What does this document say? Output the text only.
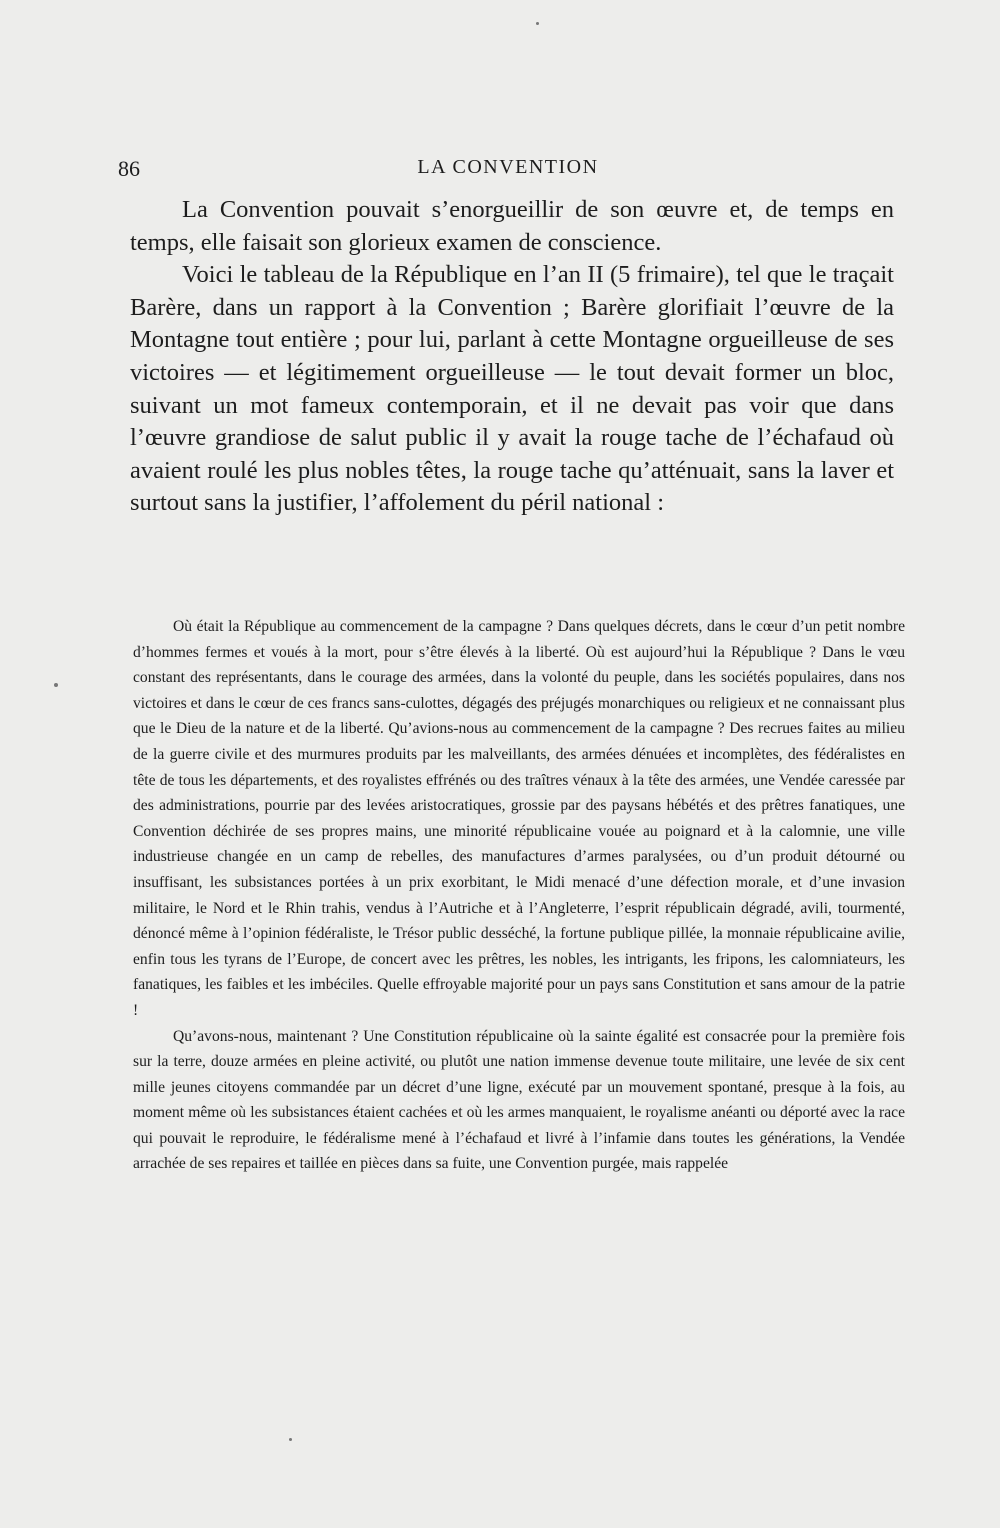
86	LA CONVENTION

La Convention pouvait s’enorgueillir de son œuvre et, de temps en temps, elle faisait son glorieux examen de conscience.

Voici le tableau de la République en l’an II (5 frimaire), tel que le traçait Barère, dans un rapport à la Convention ; Barère glorifiait l’œuvre de la Montagne tout entière ; pour lui, parlant à cette Montagne orgueilleuse de ses victoires — et légitimement orgueilleuse — le tout devait former un bloc, suivant un mot fameux contemporain, et il ne devait pas voir que dans l’œuvre grandiose de salut public il y avait la rouge tache de l’échafaud où avaient roulé les plus nobles têtes, la rouge tache qu’atténuait, sans la laver et surtout sans la justifier, l’affolement du péril national :

Où était la République au commencement de la campagne ? Dans quelques décrets, dans le cœur d’un petit nombre d’hommes fermes et voués à la mort, pour s’être élevés à la liberté. Où est aujourd’hui la République ? Dans le vœu constant des représentants, dans le courage des armées, dans la volonté du peuple, dans les sociétés populaires, dans nos victoires et dans le cœur de ces francs sans-culottes, dégagés des préjugés monarchiques ou religieux et ne connaissant plus que le Dieu de la nature et de la liberté. Qu’avions-nous au commencement de la campagne ? Des recrues faites au milieu de la guerre civile et des murmures produits par les malveillants, des armées dénuées et incomplètes, des fédéralistes en tête de tous les départements, et des royalistes effrénés ou des traîtres vénaux à la tête des armées, une Vendée caressée par des administrations, pourrie par des levées aristocratiques, grossie par des paysans hébétés et des prêtres fanatiques, une Convention déchirée de ses propres mains, une minorité républicaine vouée au poignard et à la calomnie, une ville industrieuse changée en un camp de rebelles, des manufactures d’armes paralysées, ou d’un produit détourné ou insuffisant, les subsistances portées à un prix exorbitant, le Midi menacé d’une défection morale, et d’une invasion militaire, le Nord et le Rhin trahis, vendus à l’Autriche et à l’Angleterre, l’esprit républicain dégradé, avili, tourmenté, dénoncé même à l’opinion fédéraliste, le Trésor public desséché, la fortune publique pillée, la monnaie républicaine avilie, enfin tous les tyrans de l’Europe, de concert avec les prêtres, les nobles, les intrigants, les fripons, les calomniateurs, les fanatiques, les faibles et les imbéciles. Quelle effroyable majorité pour un pays sans Constitution et sans amour de la patrie !

Qu’avons-nous, maintenant ? Une Constitution républicaine où la sainte égalité est consacrée pour la première fois sur la terre, douze armées en pleine activité, ou plutôt une nation immense devenue toute militaire, une levée de six cent mille jeunes citoyens commandée par un décret d’une ligne, exécuté par un mouvement spontané, presque à la fois, au moment même où les subsistances étaient cachées et où les armes manquaient, le royalisme anéanti ou déporté avec la race qui pouvait le reproduire, le fédéralisme mené à l’échafaud et livré à l’infamie dans toutes les générations, la Vendée arrachée de ses repaires et taillée en pièces dans sa fuite, une Convention purgée, mais rappelée
